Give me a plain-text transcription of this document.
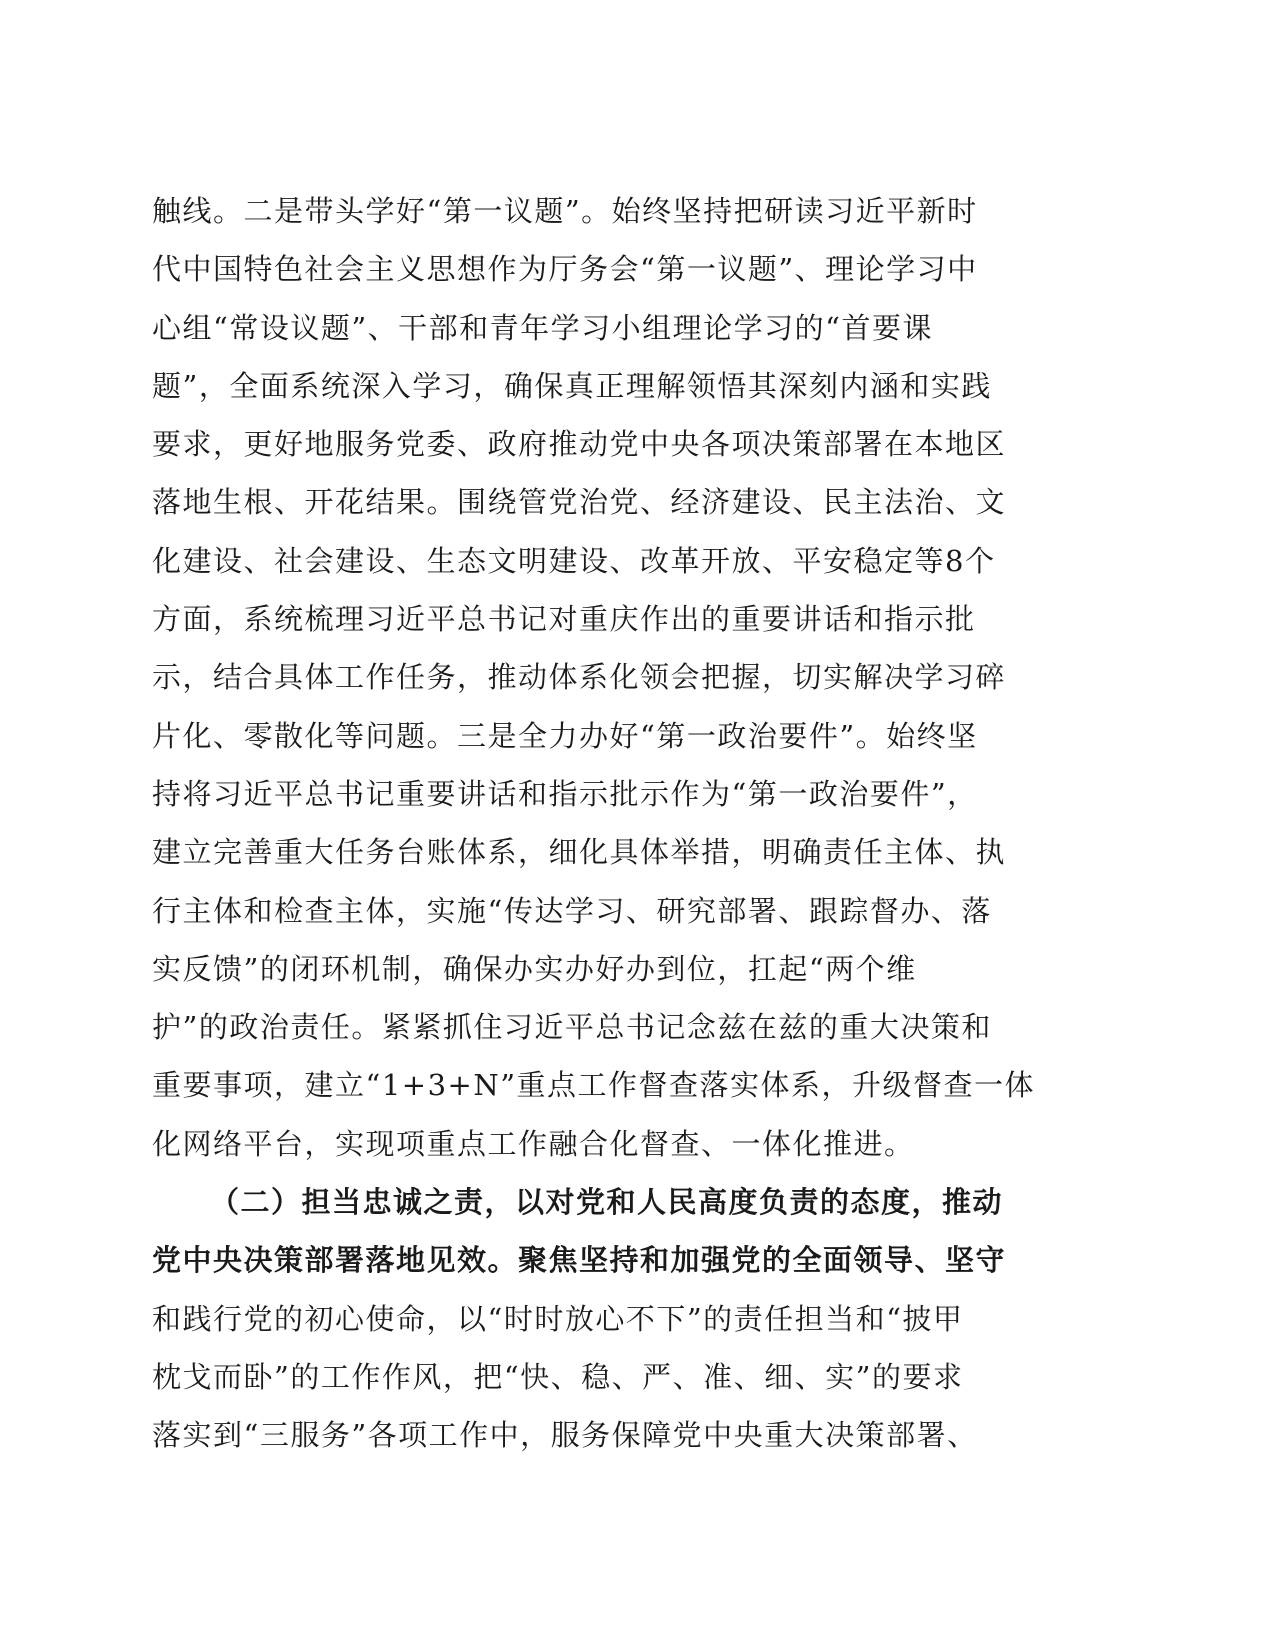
触线。二是带头学好“第一议题”。始终坚持把研读习近平新时
代中国特色社会主义思想作为厅务会“第一议题”、理论学习中
心组“常设议题”、干部和青年学习小组理论学习的“首要课
题”，全面系统深入学习，确保真正理解领悟其深刻内涵和实践
要求，更好地服务党委、政府推动党中央各项决策部署在本地区
落地生根、开花结果。围绕管党治党、经济建设、民主法治、文
化建设、社会建设、生态文明建设、改革开放、平安稳定等8个
方面，系统梳理习近平总书记对重庆作出的重要讲话和指示批
示，结合具体工作任务，推动体系化领会把握，切实解决学习碎
片化、零散化等问题。三是全力办好“第一政治要件”。始终坚
持将习近平总书记重要讲话和指示批示作为“第一政治要件”，
建立完善重大任务台账体系，细化具体举措，明确责任主体、执
行主体和检查主体，实施“传达学习、研究部署、跟踪督办、落
实反馈”的闭环机制，确保办实办好办到位，扛起“两个维
护”的政治责任。紧紧抓住习近平总书记念兹在兹的重大决策和
重要事项，建立“1+3+N”重点工作督查落实体系，升级督查一体
化网络平台，实现项重点工作融合化督查、一体化推进。
（二）担当忠诚之责，以对党和人民高度负责的态度，推动
党中央决策部署落地见效。聚焦坚持和加强党的全面领导、坚守
和践行党的初心使命，以“时时放心不下”的责任担当和“披甲
枕戈而卧”的工作作风，把“快、稳、严、准、细、实”的要求
落实到“三服务”各项工作中，服务保障党中央重大决策部署、
